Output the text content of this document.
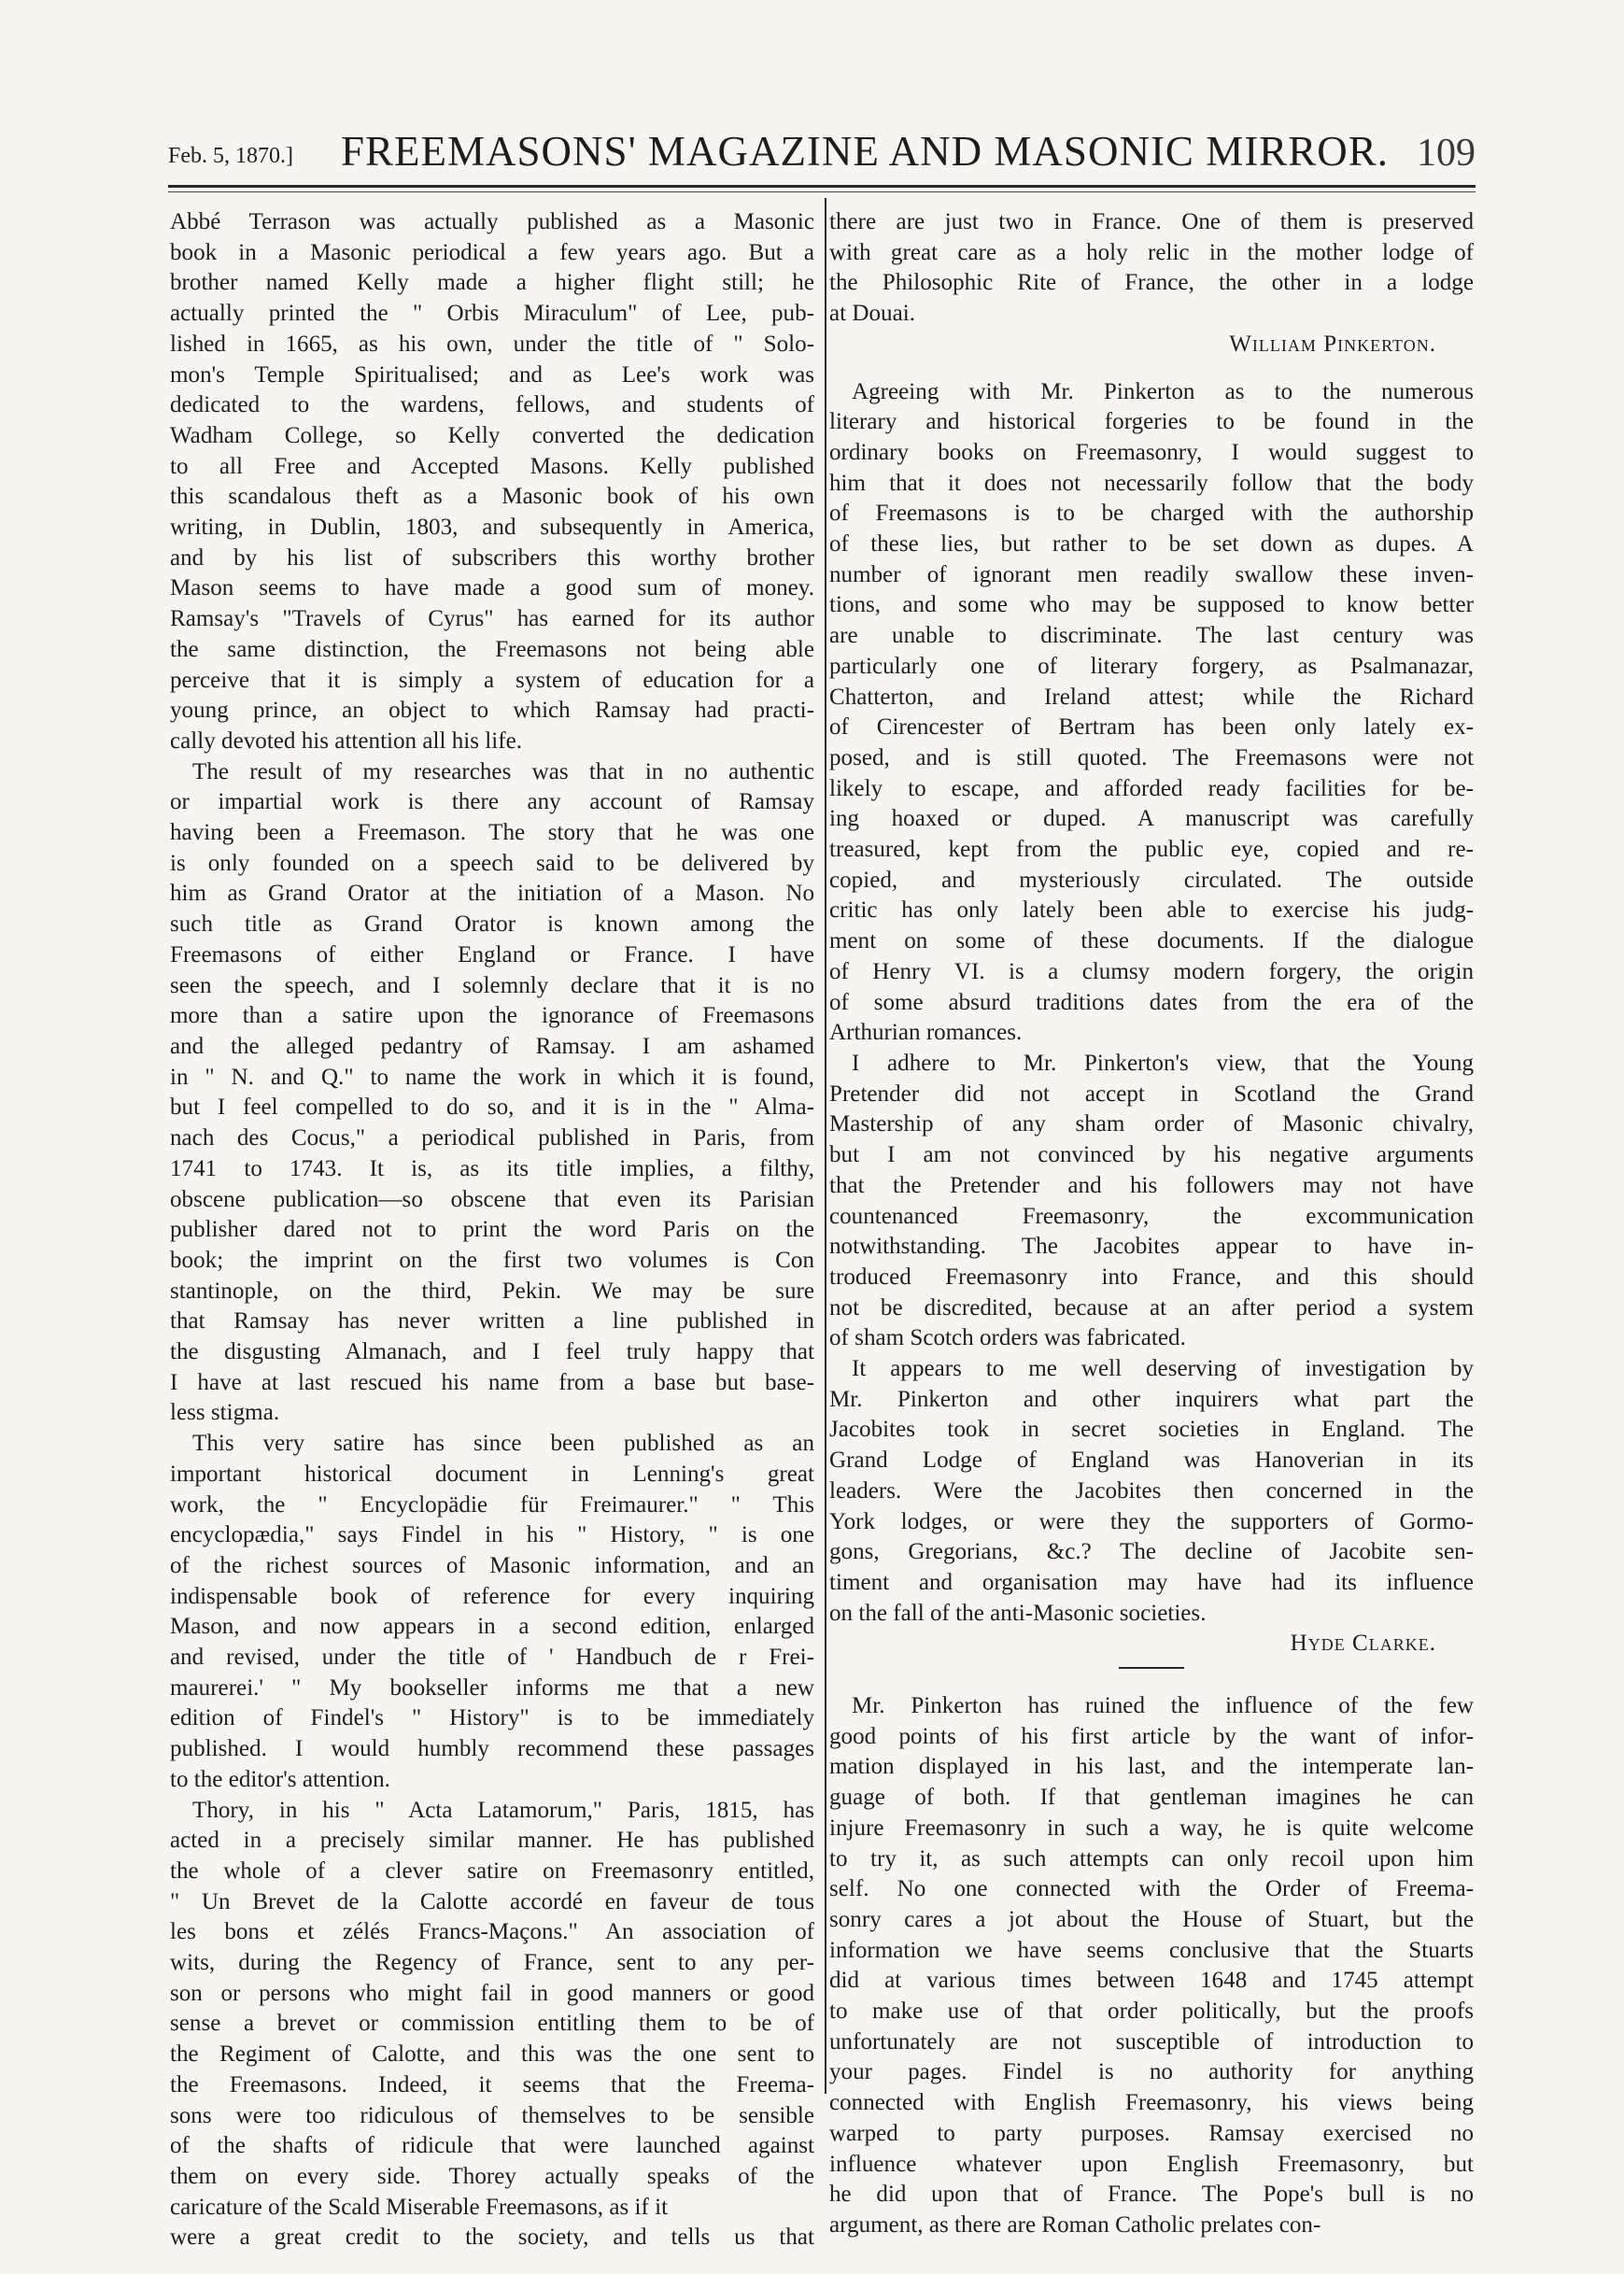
Feb. 5, 1870.] FREEMASONS' MAGAZINE AND MASONIC MIRROR. 109
Abbé Terrason was actually published as a Masonic
book in a Masonic periodical a few years ago. But a
brother named Kelly made a higher flight still; he
actually printed the " Orbis Miraculum" of Lee, pub-
lished in 1665, as his own, under the title of " Solo-
mon's Temple Spiritualised; and as Lee's work was
dedicated to the wardens, fellows, and students of
Wadham College, so Kelly converted the dedication
to all Free and Accepted Masons. Kelly published
this scandalous theft as a Masonic book of his own
writing, in Dublin, 1803, and subsequently in America,
and by his list of subscribers this worthy brother
Mason seems to have made a good sum of money.
Ramsay's "Travels of Cyrus" has earned for its author
the same distinction, the Freemasons not being able
perceive that it is simply a system of education for a
young prince, an object to which Ramsay had practi-
cally devoted his attention all his life.
The result of my researches was that in no authentic
or impartial work is there any account of Ramsay
having been a Freemason. The story that he was one
is only founded on a speech said to be delivered by
him as Grand Orator at the initiation of a Mason. No
such title as Grand Orator is known among the
Freemasons of either England or France. I have
seen the speech, and I solemnly declare that it is no
more than a satire upon the ignorance of Freemasons
and the alleged pedantry of Ramsay. I am ashamed
in " N. and Q." to name the work in which it is found,
but I feel compelled to do so, and it is in the " Alma-
nach des Cocus," a periodical published in Paris, from
1741 to 1743. It is, as its title implies, a filthy,
obscene publication—so obscene that even its Parisian
publisher dared not to print the word Paris on the
book; the imprint on the first two volumes is Con
stantinople, on the third, Pekin. We may be sure
that Ramsay has never written a line published in
the disgusting Almanach, and I feel truly happy that
I have at last rescued his name from a base but base-
less stigma.
This very satire has since been published as an
important historical document in Lenning's great
work, the " Encyclopädie für Freimaurer." " This
encyclopædia," says Findel in his " History, " is one
of the richest sources of Masonic information, and an
indispensable book of reference for every inquiring
Mason, and now appears in a second edition, enlarged
and revised, under the title of ' Handbuch de r Frei-
maurerei.' " My bookseller informs me that a new
edition of Findel's " History" is to be immediately
published. I would humbly recommend these passages
to the editor's attention.
Thory, in his " Acta Latamorum," Paris, 1815, has
acted in a precisely similar manner. He has published
the whole of a clever satire on Freemasonry entitled,
" Un Brevet de la Calotte accordé en faveur de tous
les bons et zélés Francs-Maçons." An association of
wits, during the Regency of France, sent to any per-
son or persons who might fail in good manners or good
sense a brevet or commission entitling them to be of
the Regiment of Calotte, and this was the one sent to
the Freemasons. Indeed, it seems that the Freema-
sons were too ridiculous of themselves to be sensible
of the shafts of ridicule that were launched against
them on every side. Thorey actually speaks of the
caricature of the Scald Miserable Freemasons, as if it
were a great credit to the society, and tells us that
there are just two in France. One of them is preserved
with great care as a holy relic in the mother lodge of
the Philosophic Rite of France, the other in a lodge
at Douai.
William Pinkerton.
Agreeing with Mr. Pinkerton as to the numerous
literary and historical forgeries to be found in the
ordinary books on Freemasonry, I would suggest to
him that it does not necessarily follow that the body
of Freemasons is to be charged with the authorship
of these lies, but rather to be set down as dupes. A
number of ignorant men readily swallow these inven-
tions, and some who may be supposed to know better
are unable to discriminate. The last century was
particularly one of literary forgery, as Psalmanazar,
Chatterton, and Ireland attest; while the Richard
of Cirencester of Bertram has been only lately ex-
posed, and is still quoted. The Freemasons were not
likely to escape, and afforded ready facilities for be-
ing hoaxed or duped. A manuscript was carefully
treasured, kept from the public eye, copied and re-
copied, and mysteriously circulated. The outside
critic has only lately been able to exercise his judg-
ment on some of these documents. If the dialogue
of Henry VI. is a clumsy modern forgery, the origin
of some absurd traditions dates from the era of the
Arthurian romances.
I adhere to Mr. Pinkerton's view, that the Young
Pretender did not accept in Scotland the Grand
Mastership of any sham order of Masonic chivalry,
but I am not convinced by his negative arguments
that the Pretender and his followers may not have
countenanced Freemasonry, the excommunication
notwithstanding. The Jacobites appear to have in-
troduced Freemasonry into France, and this should
not be discredited, because at an after period a system
of sham Scotch orders was fabricated.
It appears to me well deserving of investigation by
Mr. Pinkerton and other inquirers what part the
Jacobites took in secret societies in England. The
Grand Lodge of England was Hanoverian in its
leaders. Were the Jacobites then concerned in the
York lodges, or were they the supporters of Gormo-
gons, Gregorians, &c.? The decline of Jacobite sen-
timent and organisation may have had its influence
on the fall of the anti-Masonic societies.
Hyde Clarke.
Mr. Pinkerton has ruined the influence of the few
good points of his first article by the want of infor-
mation displayed in his last, and the intemperate lan-
guage of both. If that gentleman imagines he can
injure Freemasonry in such a way, he is quite welcome
to try it, as such attempts can only recoil upon him
self. No one connected with the Order of Freema-
sonry cares a jot about the House of Stuart, but the
information we have seems conclusive that the Stuarts
did at various times between 1648 and 1745 attempt
to make use of that order politically, but the proofs
unfortunately are not susceptible of introduction to
your pages. Findel is no authority for anything
connected with English Freemasonry, his views being
warped to party purposes. Ramsay exercised no
influence whatever upon English Freemasonry, but
he did upon that of France. The Pope's bull is no
argument, as there are Roman Catholic prelates con-
